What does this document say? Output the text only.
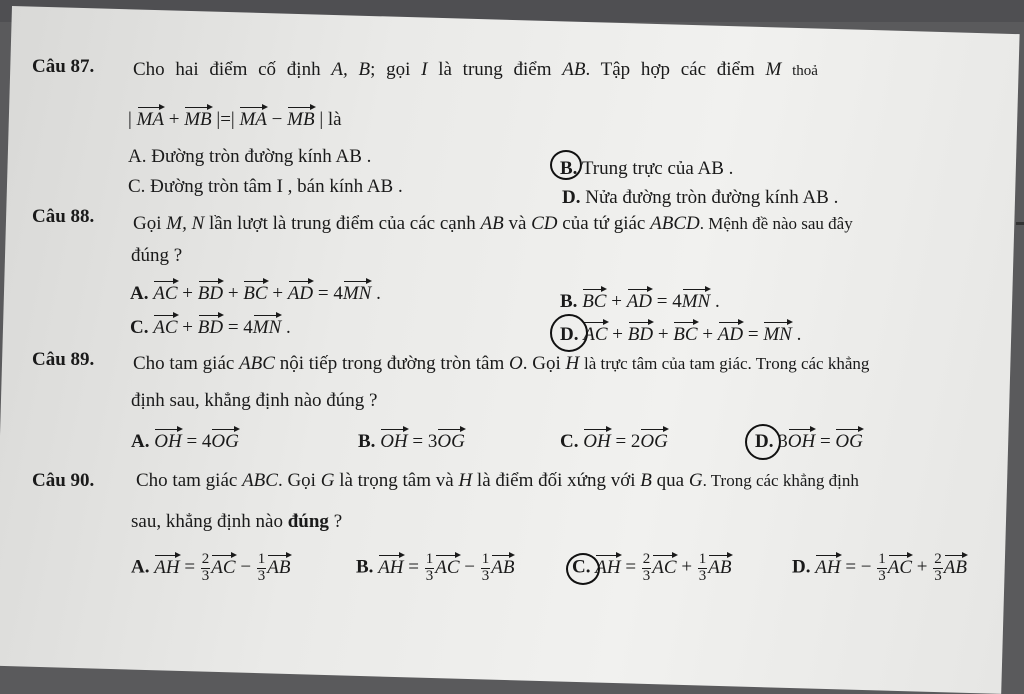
Câu 87. Cho hai điểm cố định A, B; gọi I là trung điểm AB. Tập hợp các điểm M thoả
| MA + MB |=| MA − MB | là
A. Đường tròn đường kính AB .
B. Trung trực của AB .
C. Đường tròn tâm I , bán kính AB .
D. Nửa đường tròn đường kính AB .
Câu 88. Gọi M, N lần lượt là trung điểm của các cạnh AB và CD của tứ giác ABCD. Mệnh đề nào sau đây
đúng ?
A. AC + BD + BC + AD = 4MN .	B. BC + AD = 4MN .
C. AC + BD = 4MN .	D. AC + BD + BC + AD = MN .
Câu 89. Cho tam giác ABC nội tiếp trong đường tròn tâm O. Gọi H là trực tâm của tam giác. Trong các khẳng
định sau, khẳng định nào đúng ?
A. OH = 4OG	B. OH = 3OG	C. OH = 2OG	D. 3OH = OG
Câu 90. Cho tam giác ABC. Gọi G là trọng tâm và H là điểm đối xứng với B qua G. Trong các khẳng định
sau, khẳng định nào đúng ?
A. AH = $\frac{2}{3}$ AC − $\frac{1}{3}$ AB	B. AH = $\frac{1}{3}$ AC − $\frac{1}{3}$ AB	C. AH = $\frac{2}{3}$ AC + $\frac{1}{3}$ AB	D. AH = − $\frac{1}{3}$ AC + $\frac{2}{3}$ AB
